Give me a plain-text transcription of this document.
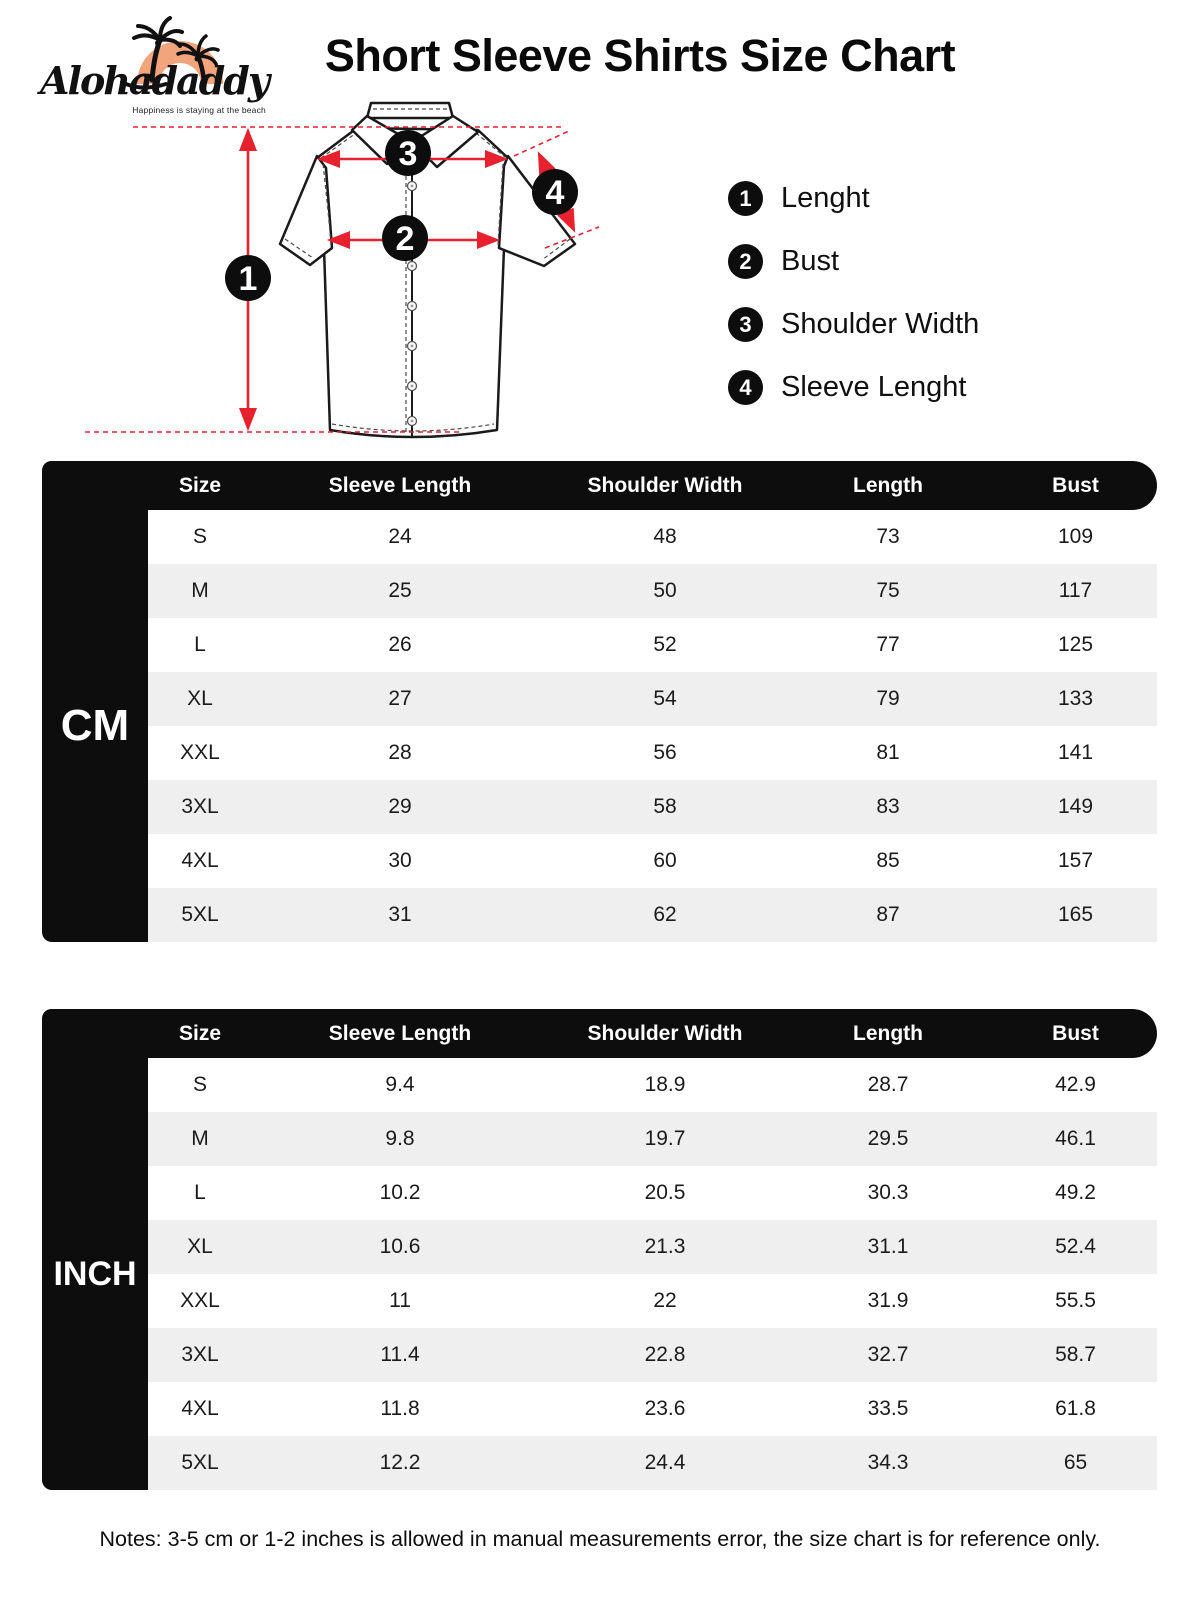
Alohadaddy
Happiness is staying at the beach
Short Sleeve Shirts Size Chart
1
2
3
4	1	Lenght
2	Bust
3	Shoulder Width
4	Sleeve Lenght
Size	Sleeve Length	Shoulder Width	Length	Bust
CM
S	24	48	73	109
M	25	50	75	117
L	26	52	77	125
XL	27	54	79	133
XXL	28	56	81	141
3XL	29	58	83	149
4XL	30	60	85	157
5XL	31	62	87	165
Size	Sleeve Length	Shoulder Width	Length	Bust
INCH
S	9.4	18.9	28.7	42.9
M	9.8	19.7	29.5	46.1
L	10.2	20.5	30.3	49.2
XL	10.6	21.3	31.1	52.4
XXL	11	22	31.9	55.5
3XL	11.4	22.8	32.7	58.7
4XL	11.8	23.6	33.5	61.8
5XL	12.2	24.4	34.3	65
Notes: 3-5 cm or 1-2 inches is allowed in manual measurements error, the size chart is for reference only.
